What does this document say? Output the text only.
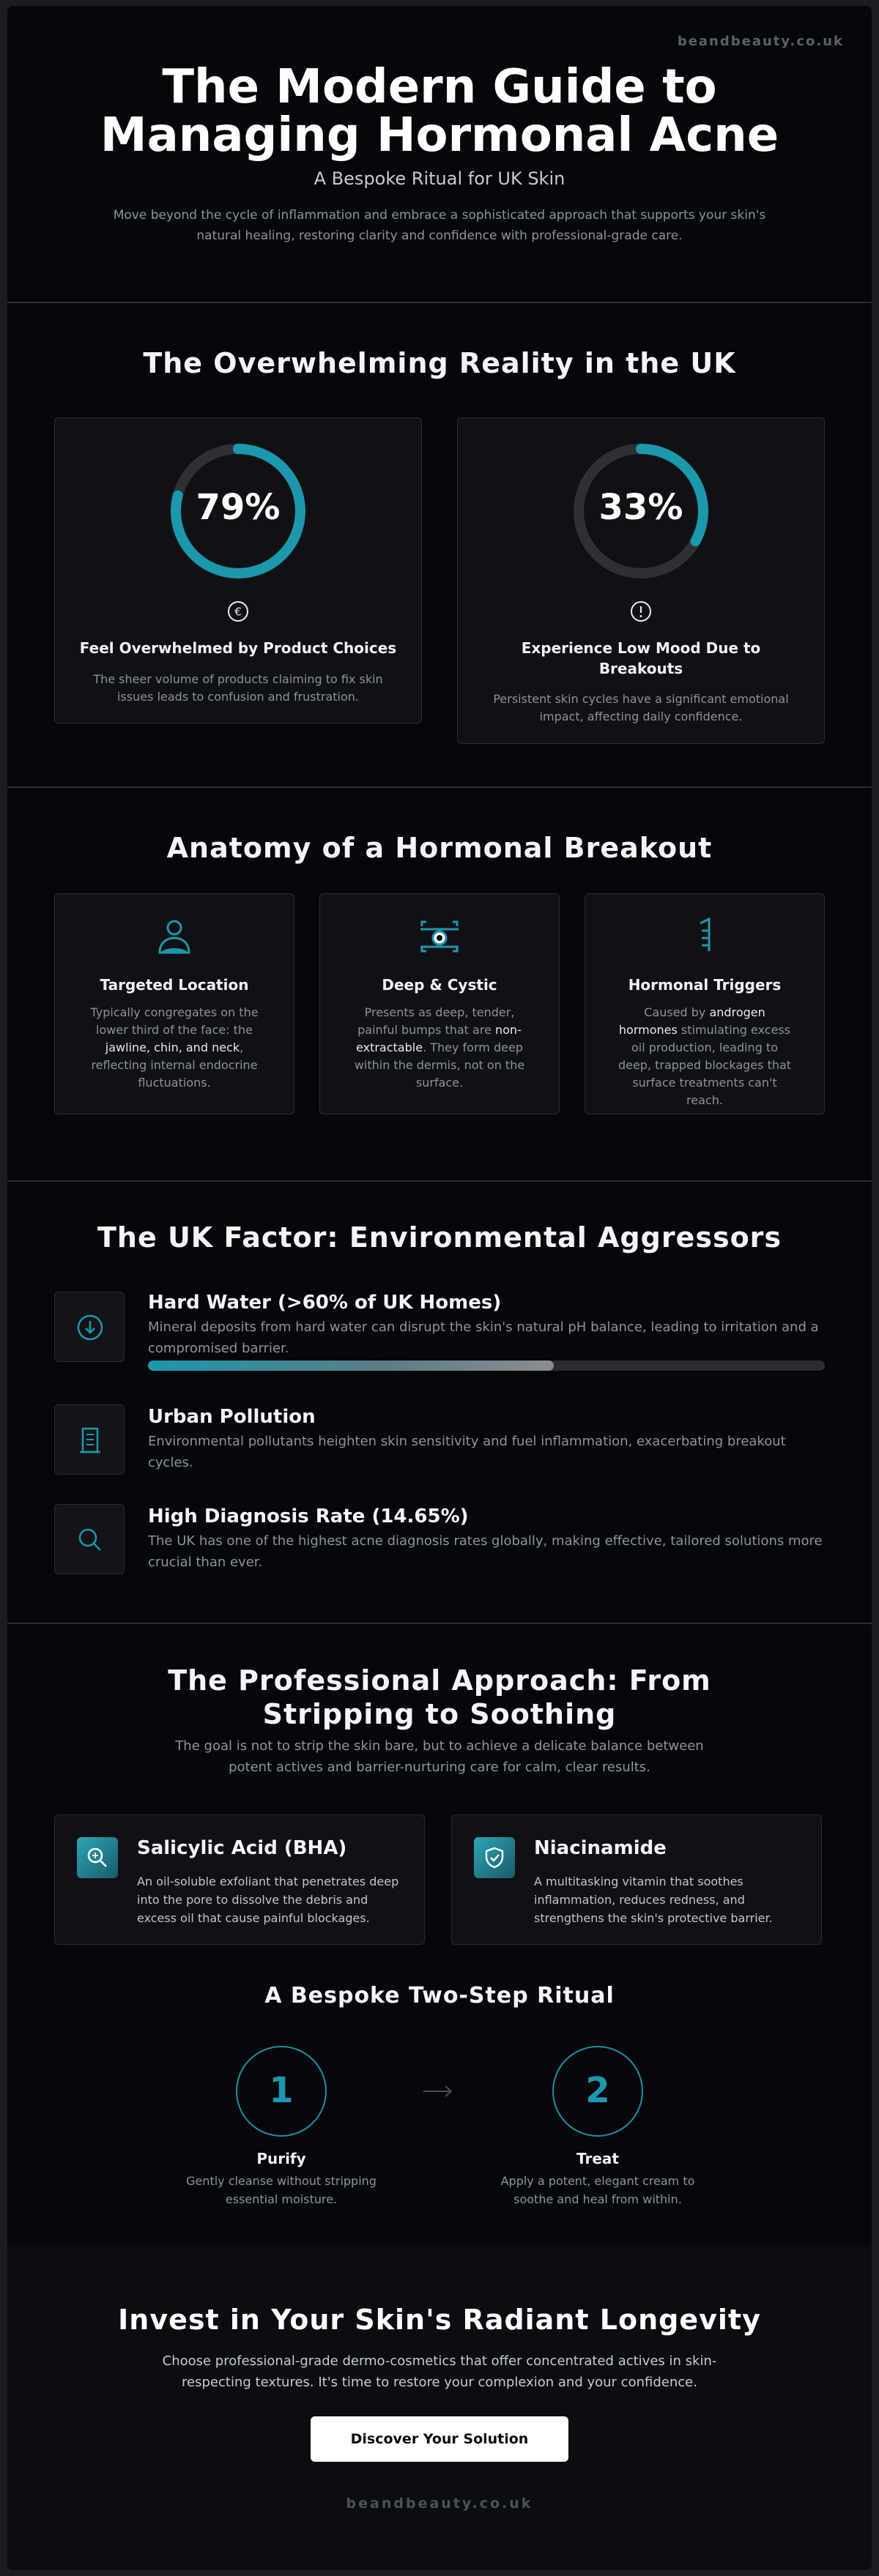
beandbeauty.co.uk
The Modern Guide to Managing Hormonal Acne
A Bespoke Ritual for UK Skin
Move beyond the cycle of inflammation and embrace a sophisticated approach that supports your skin's natural healing, restoring clarity and confidence with professional-grade care.
The Overwhelming Reality in the UK
79%
€
Feel Overwhelmed by Product Choices
The sheer volume of products claiming to fix skin issues leads to confusion and frustration.
33%
Experience Low Mood Due to Breakouts
Persistent skin cycles have a significant emotional impact, affecting daily confidence.
Anatomy of a Hormonal Breakout
Targeted Location
Typically congregates on the lower third of the face: the jawline, chin, and neck, reflecting internal endocrine fluctuations.
Deep & Cystic
Presents as deep, tender, painful bumps that are non-extractable. They form deep within the dermis, not on the surface.
Hormonal Triggers
Caused by androgen hormones stimulating excess oil production, leading to deep, trapped blockages that surface treatments can't reach.
The UK Factor: Environmental Aggressors
Hard Water (>60% of UK Homes)
Mineral deposits from hard water can disrupt the skin's natural pH balance, leading to irritation and a compromised barrier.
Urban Pollution
Environmental pollutants heighten skin sensitivity and fuel inflammation, exacerbating breakout cycles.
High Diagnosis Rate (14.65%)
The UK has one of the highest acne diagnosis rates globally, making effective, tailored solutions more crucial than ever.
The Professional Approach: From Stripping to Soothing
The goal is not to strip the skin bare, but to achieve a delicate balance between potent actives and barrier-nurturing care for calm, clear results.
Salicylic Acid (BHA)
An oil-soluble exfoliant that penetrates deep into the pore to dissolve the debris and excess oil that cause painful blockages.
Niacinamide
A multitasking vitamin that soothes inflammation, reduces redness, and strengthens the skin's protective barrier.
A Bespoke Two-Step Ritual
1
Purify
Gently cleanse without stripping essential moisture.
2
Treat
Apply a potent, elegant cream to soothe and heal from within.
Invest in Your Skin's Radiant Longevity
Choose professional-grade dermo-cosmetics that offer concentrated actives in skin-respecting textures. It's time to restore your complexion and your confidence.
Discover Your Solution
beandbeauty.co.uk
